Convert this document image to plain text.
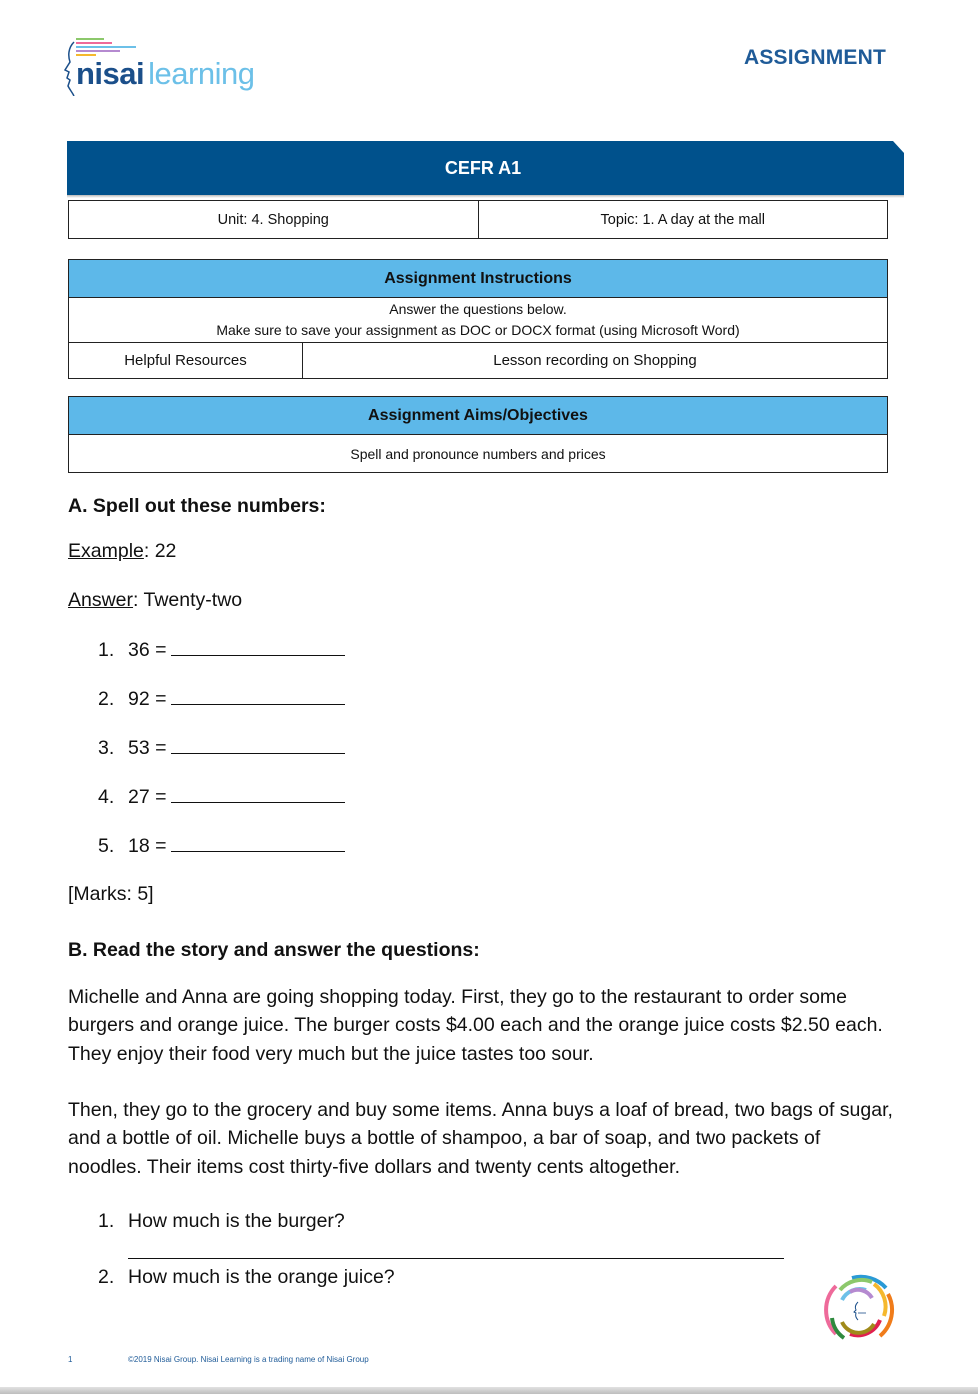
nisai learning	ASSIGNMENT
CEFR A1
Unit: 4. Shopping	Topic: 1. A day at the mall
Assignment Instructions

Answer the questions below.
Make sure to save your assignment as DOC or DOCX format (using Microsoft Word)

Helpful Resources	Lesson recording on Shopping
Assignment Aims/Objectives
Spell and pronounce numbers and prices
A. Spell out these numbers:
Example: 22
Answer: Twenty-two
1. 36 =
2. 92 =
3. 53 =
4. 27 =
5. 18 =
[Marks: 5]
B. Read the story and answer the questions:
Michelle and Anna are going shopping today. First, they go to the restaurant to order some burgers and orange juice. The burger costs $4.00 each and the orange juice costs $2.50 each. They enjoy their food very much but the juice tastes too sour.
Then, they go to the grocery and buy some items. Anna buys a loaf of bread, two bags of sugar, and a bottle of oil. Michelle buys a bottle of shampoo, a bar of soap, and two packets of noodles. Their items cost thirty-five dollars and twenty cents altogether.
1. How much is the burger?
2. How much is the orange juice?
1	©2019 Nisai Group. Nisai Learning is a trading name of Nisai Group
